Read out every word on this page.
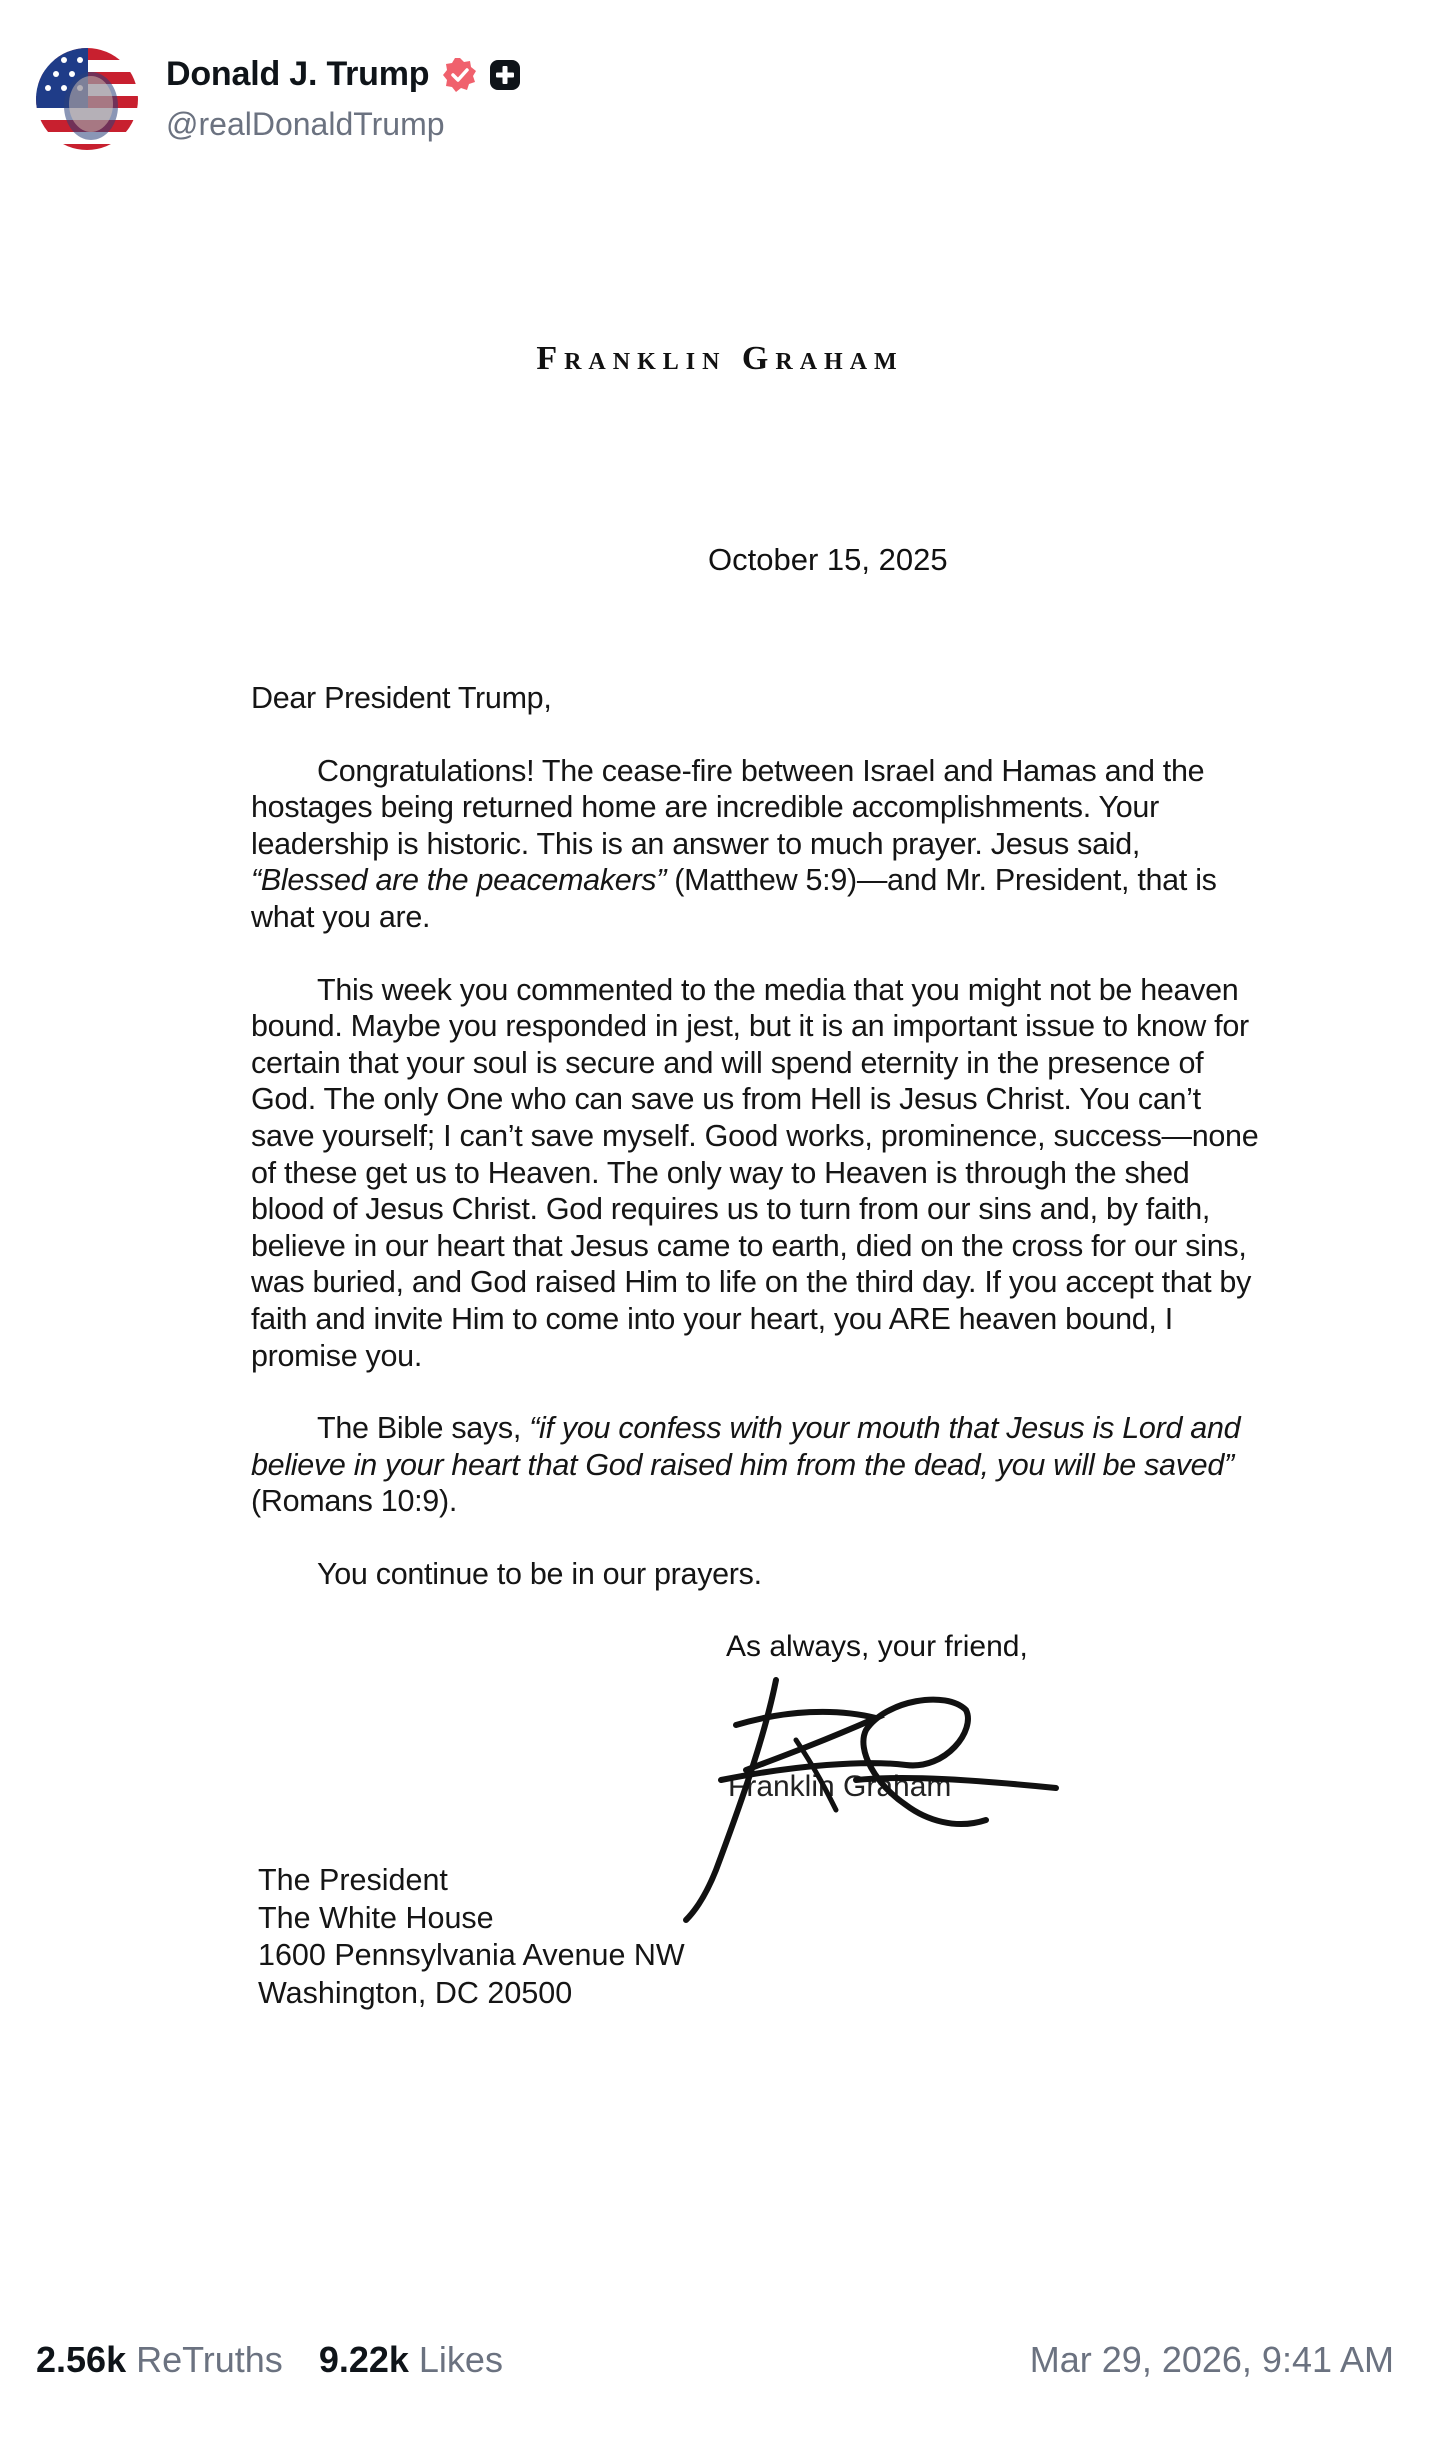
Donald J. Trump
@realDonaldTrump
Franklin Graham
October 15, 2025

Dear President Trump,

Congratulations! The cease-fire between Israel and Hamas and the hostages being returned home are incredible accomplishments. Your leadership is historic. This is an answer to much prayer. Jesus said, “Blessed are the peacemakers” (Matthew 5:9)—and Mr. President, that is what you are.

This week you commented to the media that you might not be heaven bound. Maybe you responded in jest, but it is an important issue to know for certain that your soul is secure and will spend eternity in the presence of God. The only One who can save us from Hell is Jesus Christ. You can’t save yourself; I can’t save myself. Good works, prominence, success—none of these get us to Heaven. The only way to Heaven is through the shed blood of Jesus Christ. God requires us to turn from our sins and, by faith, believe in our heart that Jesus came to earth, died on the cross for our sins, was buried, and God raised Him to life on the third day. If you accept that by faith and invite Him to come into your heart, you ARE heaven bound, I promise you.

The Bible says, “if you confess with your mouth that Jesus is Lord and believe in your heart that God raised him from the dead, you will be saved” (Romans 10:9).

You continue to be in our prayers.

As always, your friend,
Franklin Graham
The President
The White House
1600 Pennsylvania Avenue NW
Washington, DC 20500
2.56k ReTruths 9.22k Likes	Mar 29, 2026, 9:41 AM
